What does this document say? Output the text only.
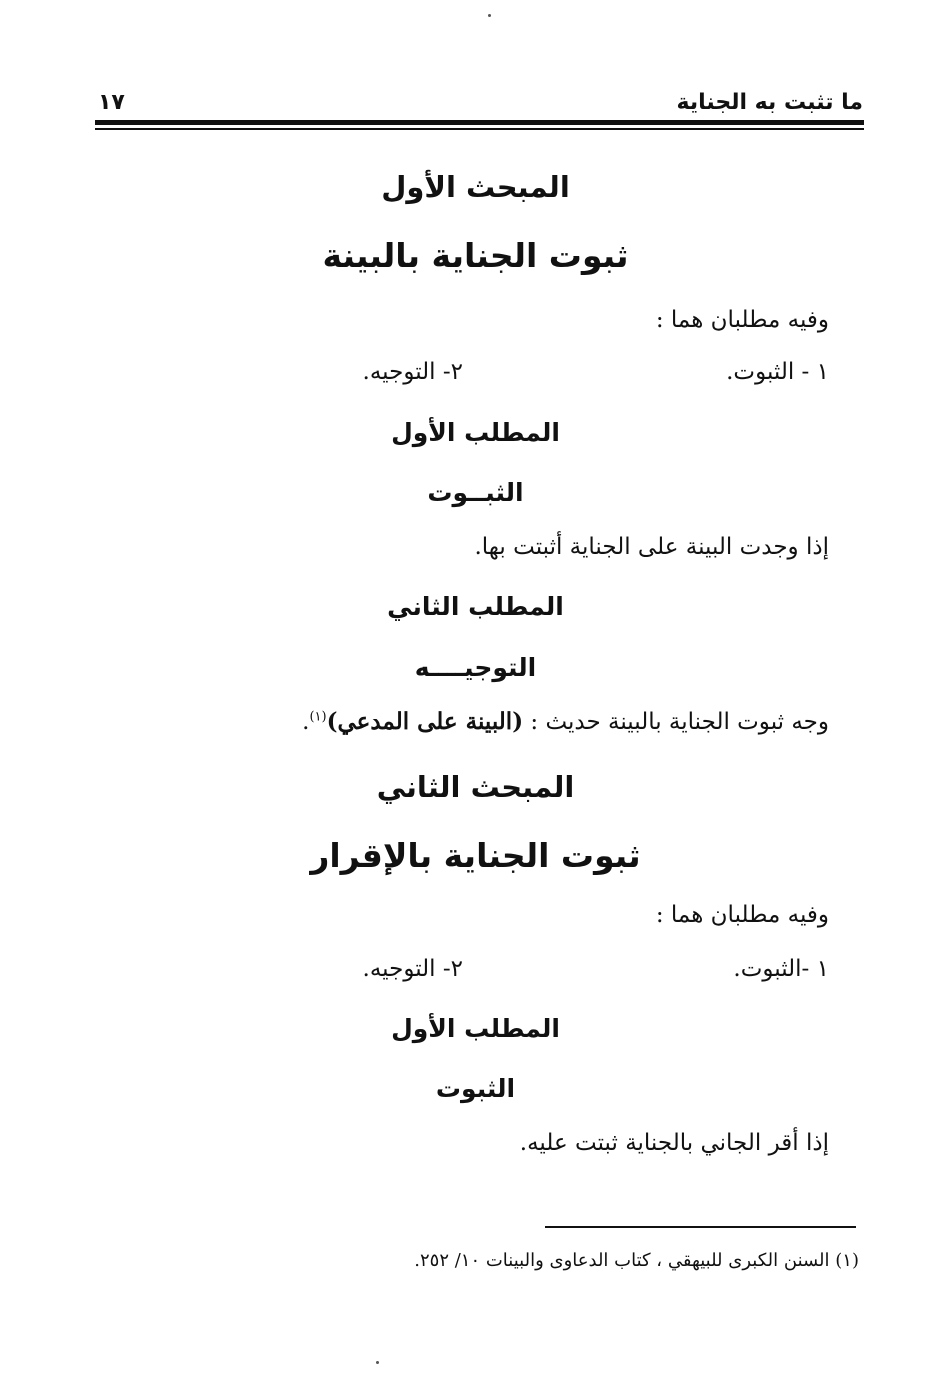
ما تثبت به الجناية
١٧
المبحث الأول
ثبوت الجناية بالبينة
وفيه مطلبان هما :
١ - الثبوت.
٢- التوجيه.
المطلب الأول
الثبــوت
إذا وجدت البينة على الجناية أثبتت بها.
المطلب الثاني
التوجيــــه
وجه ثبوت الجناية بالبينة حديث : (البينة على المدعي)$^{(١)}$.
المبحث الثاني
ثبوت الجناية بالإقرار
وفيه مطلبان هما :
١ -الثبوت.
٢- التوجيه.
المطلب الأول
الثبوت
إذا أقر الجاني بالجناية ثبتت عليه.
(١) السنن الكبرى للبيهقي ، كتاب الدعاوى والبينات ١٠/ ٢٥٢.
